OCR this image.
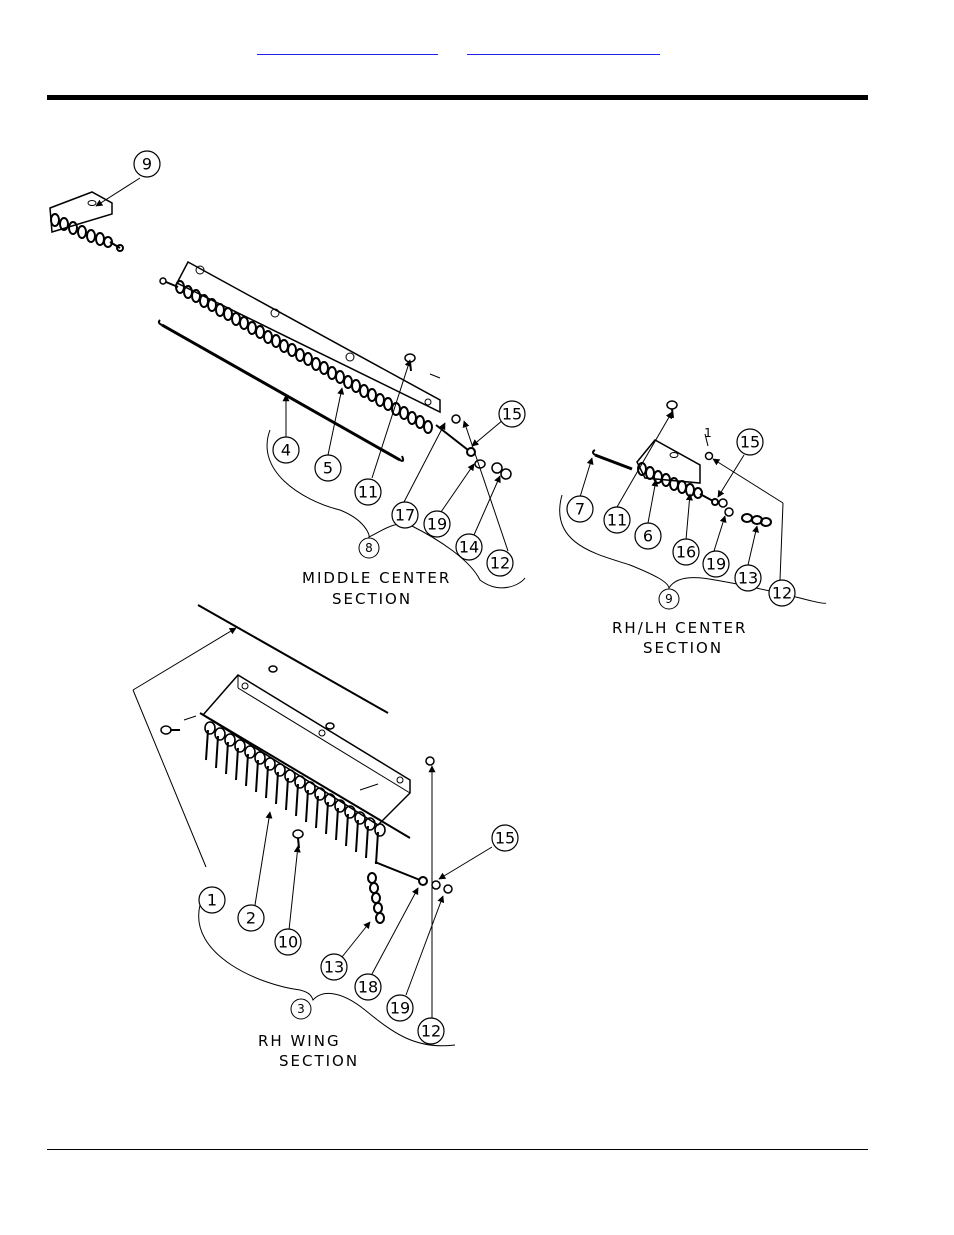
9
4
5
11
17 19
14
12
15
8
MIDDLE CENTER
SECTION
7
11
6
16
19
13
12
15
9
1
RH/LH CENTER
SECTION
1
2
10
13
18
19
12
15
3
RH WING
SECTION
